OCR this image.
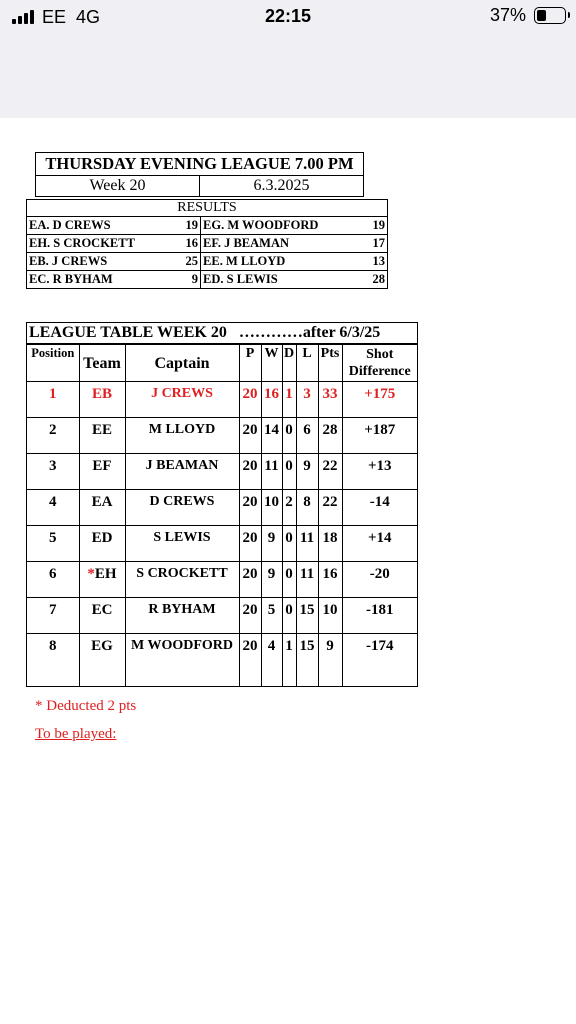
EE 4G	22:15	37%
THURSDAY EVENING LEAGUE 7.00 PM
Week 20	6.3.2025
RESULTS
EA. D CREWS	19	EG. M WOODFORD	19
EH. S CROCKETT	16	EF. J BEAMAN	17
EB. J CREWS	25	EE. M LLOYD	13
EC. R BYHAM	9	ED. S LEWIS	28
LEAGUE TABLE WEEK 20 …………after 6/3/25
Position	Team	Captain	P	W	D	L	Pts	Shot
Difference
1	EB	J CREWS	20	16	1	3	33	+175
2	EE	M LLOYD	20	14	0	6	28	+187
3	EF	J BEAMAN	20	11	0	9	22	+13
4	EA	D CREWS	20	10	2	8	22	-14
5	ED	S LEWIS	20	9	0	11	18	+14
6	*EH	S CROCKETT	20	9	0	11	16	-20
7	EC	R BYHAM	20	5	0	15	10	-181
8	EG	M WOODFORD	20	4	1	15	9	-174
* Deducted 2 pts
To be played:
